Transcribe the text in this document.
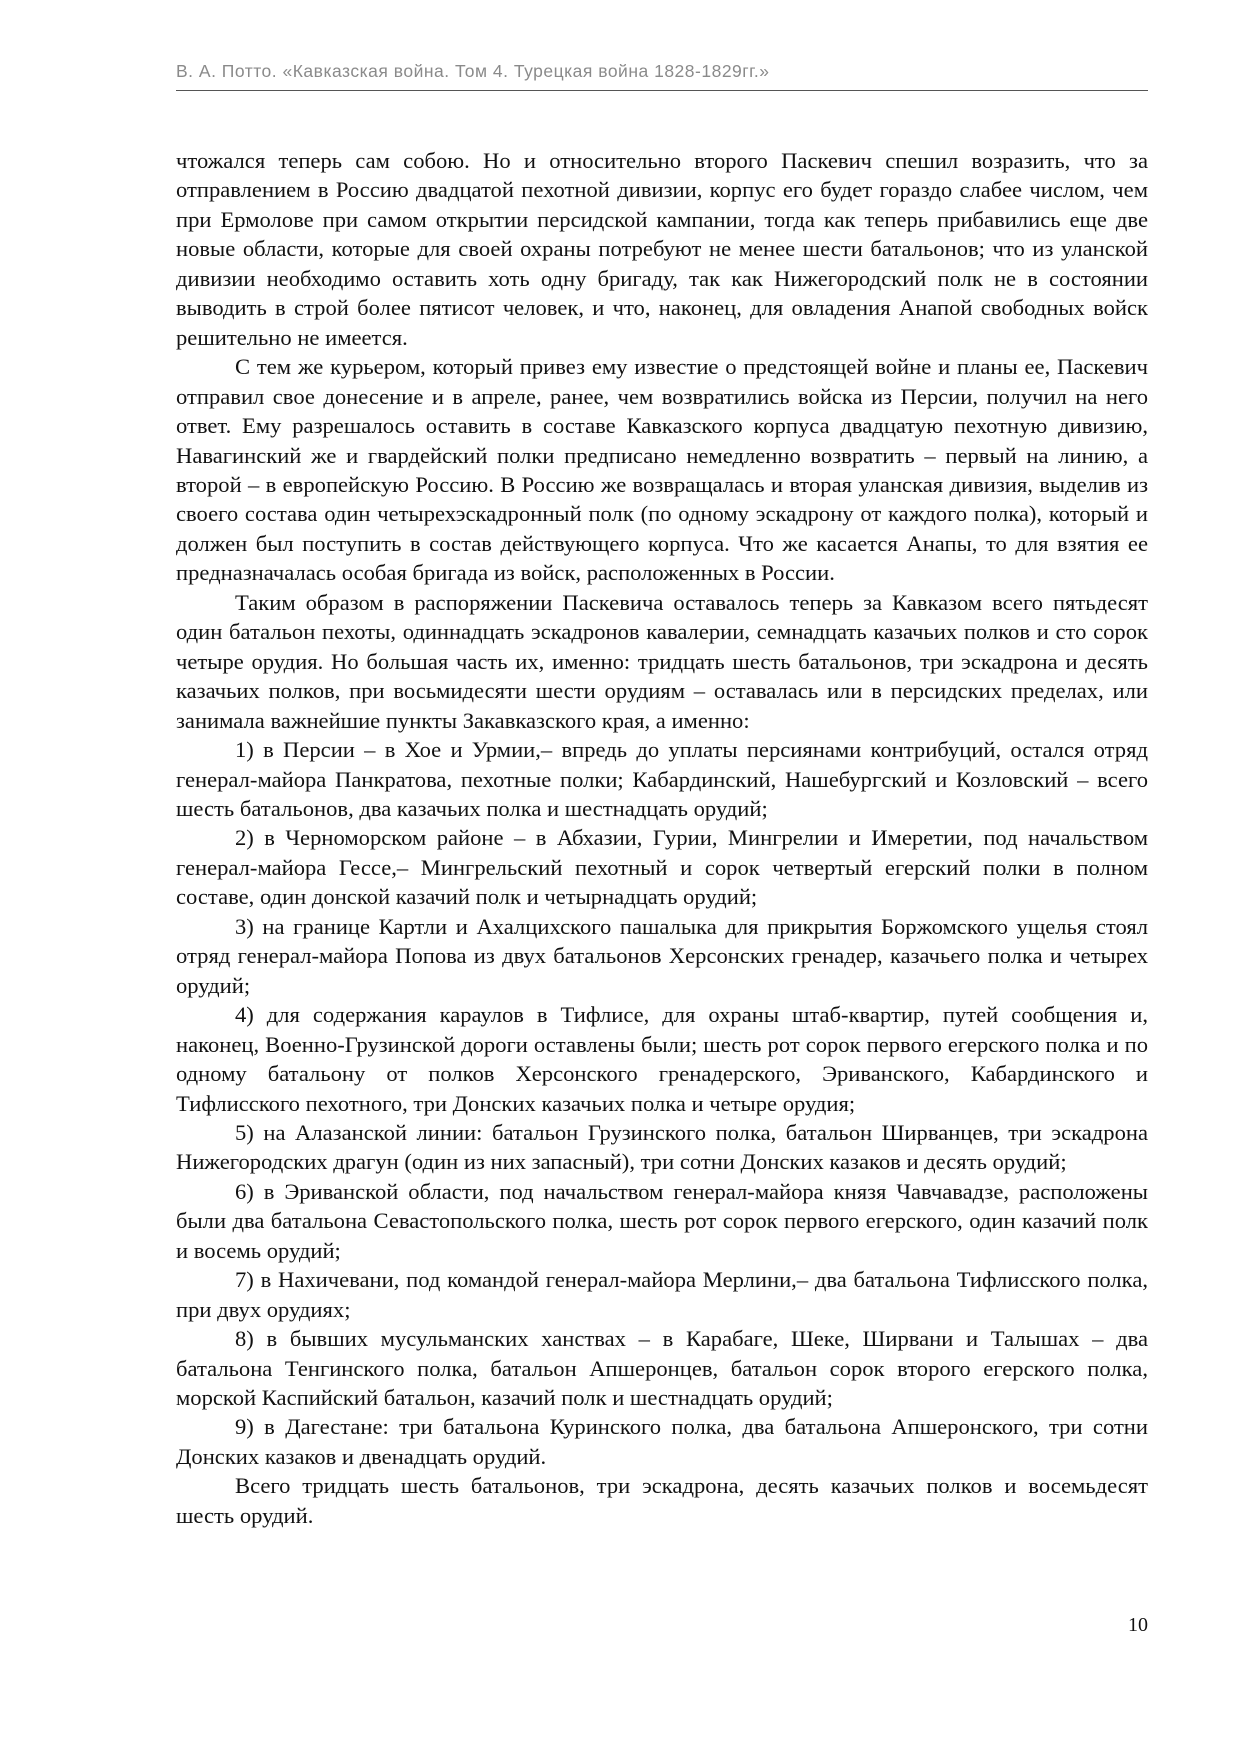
В. А. Потто. «Кавказская война. Том 4. Турецкая война 1828-1829гг.»

чтожался теперь сам собою. Но и относительно второго Паскевич спешил возразить, что за отправлением в Россию двадцатой пехотной дивизии, корпус его будет гораздо слабее числом, чем при Ермолове при самом открытии персидской кампании, тогда как теперь прибавились еще две новые области, которые для своей охраны потребуют не менее шести батальонов; что из уланской дивизии необходимо оставить хоть одну бригаду, так как Нижегородский полк не в состоянии выводить в строй более пятисот человек, и что, наконец, для овладения Анапой свободных войск решительно не имеется.

С тем же курьером, который привез ему известие о предстоящей войне и планы ее, Паскевич отправил свое донесение и в апреле, ранее, чем возвратились войска из Персии, получил на него ответ. Ему разрешалось оставить в составе Кавказского корпуса двадцатую пехотную дивизию, Навагинский же и гвардейский полки предписано немедленно возвратить – первый на линию, а второй – в европейскую Россию. В Россию же возвращалась и вторая уланская дивизия, выделив из своего состава один четырехэскадронный полк (по одному эскадрону от каждого полка), который и должен был поступить в состав действующего корпуса. Что же касается Анапы, то для взятия ее предназначалась особая бригада из войск, расположенных в России.

Таким образом в распоряжении Паскевича оставалось теперь за Кавказом всего пятьдесят один батальон пехоты, одиннадцать эскадронов кавалерии, семнадцать казачьих полков и сто сорок четыре орудия. Но большая часть их, именно: тридцать шесть батальонов, три эскадрона и десять казачьих полков, при восьмидесяти шести орудиям – оставалась или в персидских пределах, или занимала важнейшие пункты Закавказского края, а именно:

1) в Персии – в Хое и Урмии,– впредь до уплаты персиянами контрибуций, остался отряд генерал-майора Панкратова, пехотные полки; Кабардинский, Нашебургский и Козловский – всего шесть батальонов, два казачьих полка и шестнадцать орудий;

2) в Черноморском районе – в Абхазии, Гурии, Мингрелии и Имеретии, под начальством генерал-майора Гессе,– Мингрельский пехотный и сорок четвертый егерский полки в полном составе, один донской казачий полк и четырнадцать орудий;

3) на границе Картли и Ахалцихского пашалыка для прикрытия Боржомского ущелья стоял отряд генерал-майора Попова из двух батальонов Херсонских гренадер, казачьего полка и четырех орудий;

4) для содержания караулов в Тифлисе, для охраны штаб-квартир, путей сообщения и, наконец, Военно-Грузинской дороги оставлены были; шесть рот сорок первого егерского полка и по одному батальону от полков Херсонского гренадерского, Эриванского, Кабардинского и Тифлисского пехотного, три Донских казачьих полка и четыре орудия;

5) на Алазанской линии: батальон Грузинского полка, батальон Ширванцев, три эскадрона Нижегородских драгун (один из них запасный), три сотни Донских казаков и десять орудий;

6) в Эриванской области, под начальством генерал-майора князя Чавчавадзе, расположены были два батальона Севастопольского полка, шесть рот сорок первого егерского, один казачий полк и восемь орудий;

7) в Нахичевани, под командой генерал-майора Мерлини,– два батальона Тифлисского полка, при двух орудиях;

8) в бывших мусульманских ханствах – в Карабаге, Шеке, Ширвани и Талышах – два батальона Тенгинского полка, батальон Апшеронцев, батальон сорок второго егерского полка, морской Каспийский батальон, казачий полк и шестнадцать орудий;

9) в Дагестане: три батальона Куринского полка, два батальона Апшеронского, три сотни Донских казаков и двенадцать орудий.

Всего тридцать шесть батальонов, три эскадрона, десять казачьих полков и восемьдесят шесть орудий.

10
